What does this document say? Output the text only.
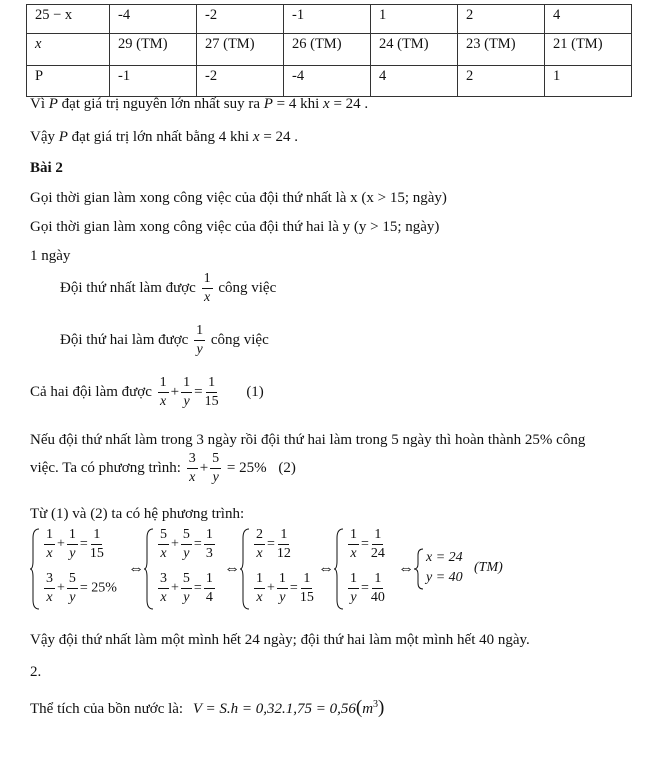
25 − x	-4	-2	-1	1	2	4
x	29 (TM)	27 (TM)	26 (TM)	24 (TM)	23 (TM)	21 (TM)
P	-1	-2	-4	4	2	1
Vì P đạt giá trị nguyên lớn nhất suy ra P = 4 khi x = 24 .
Vậy P đạt giá trị lớn nhất bằng 4 khi x = 24 .
Bài 2
Gọi thời gian làm xong công việc của đội thứ nhất là x (x > 15; ngày)
Gọi thời gian làm xong công việc của đội thứ hai là y (y > 15; ngày)
1 ngày
Đội thứ nhất làm được $\frac{1}{x}$ công việc
Đội thứ hai làm được $\frac{1}{y}$ công việc
Cả hai đội làm được $\frac{1}{x} + \frac{1}{y} = \frac{1}{15} (1)$
Nếu đội thứ nhất làm trong 3 ngày rồi đội thứ hai làm trong 5 ngày thì hoàn thành 25% công
việc. Ta có phương trình: $\frac{3}{x} + \frac{5}{y} = 25\%$ (2)
Từ (1) và (2) ta có hệ phương trình:
$\frac{1}{x} + \frac{1}{y} = \frac{1}{15}$
$\frac{3}{x} + \frac{5}{y} = 25\%$
⇔
$\frac{5}{x} + \frac{5}{y} = \frac{1}{3}$
$\frac{3}{x} + \frac{5}{y} = \frac{1}{4}$
⇔
$\frac{2}{x} = \frac{1}{12}$
$\frac{1}{x} + \frac{1}{y} = \frac{1}{15}$
⇔
$\frac{1}{x} = \frac{1}{24}$
$\frac{1}{y} = \frac{1}{40}$
⇔
x = 24
y = 40
(TM)
Vậy đội thứ nhất làm một mình hết 24 ngày; đội thứ hai làm một mình hết 40 ngày.
2.
Thể tích của bồn nước là: $V = S.h = 0,32.1,75 = 0,56(m^3)$
